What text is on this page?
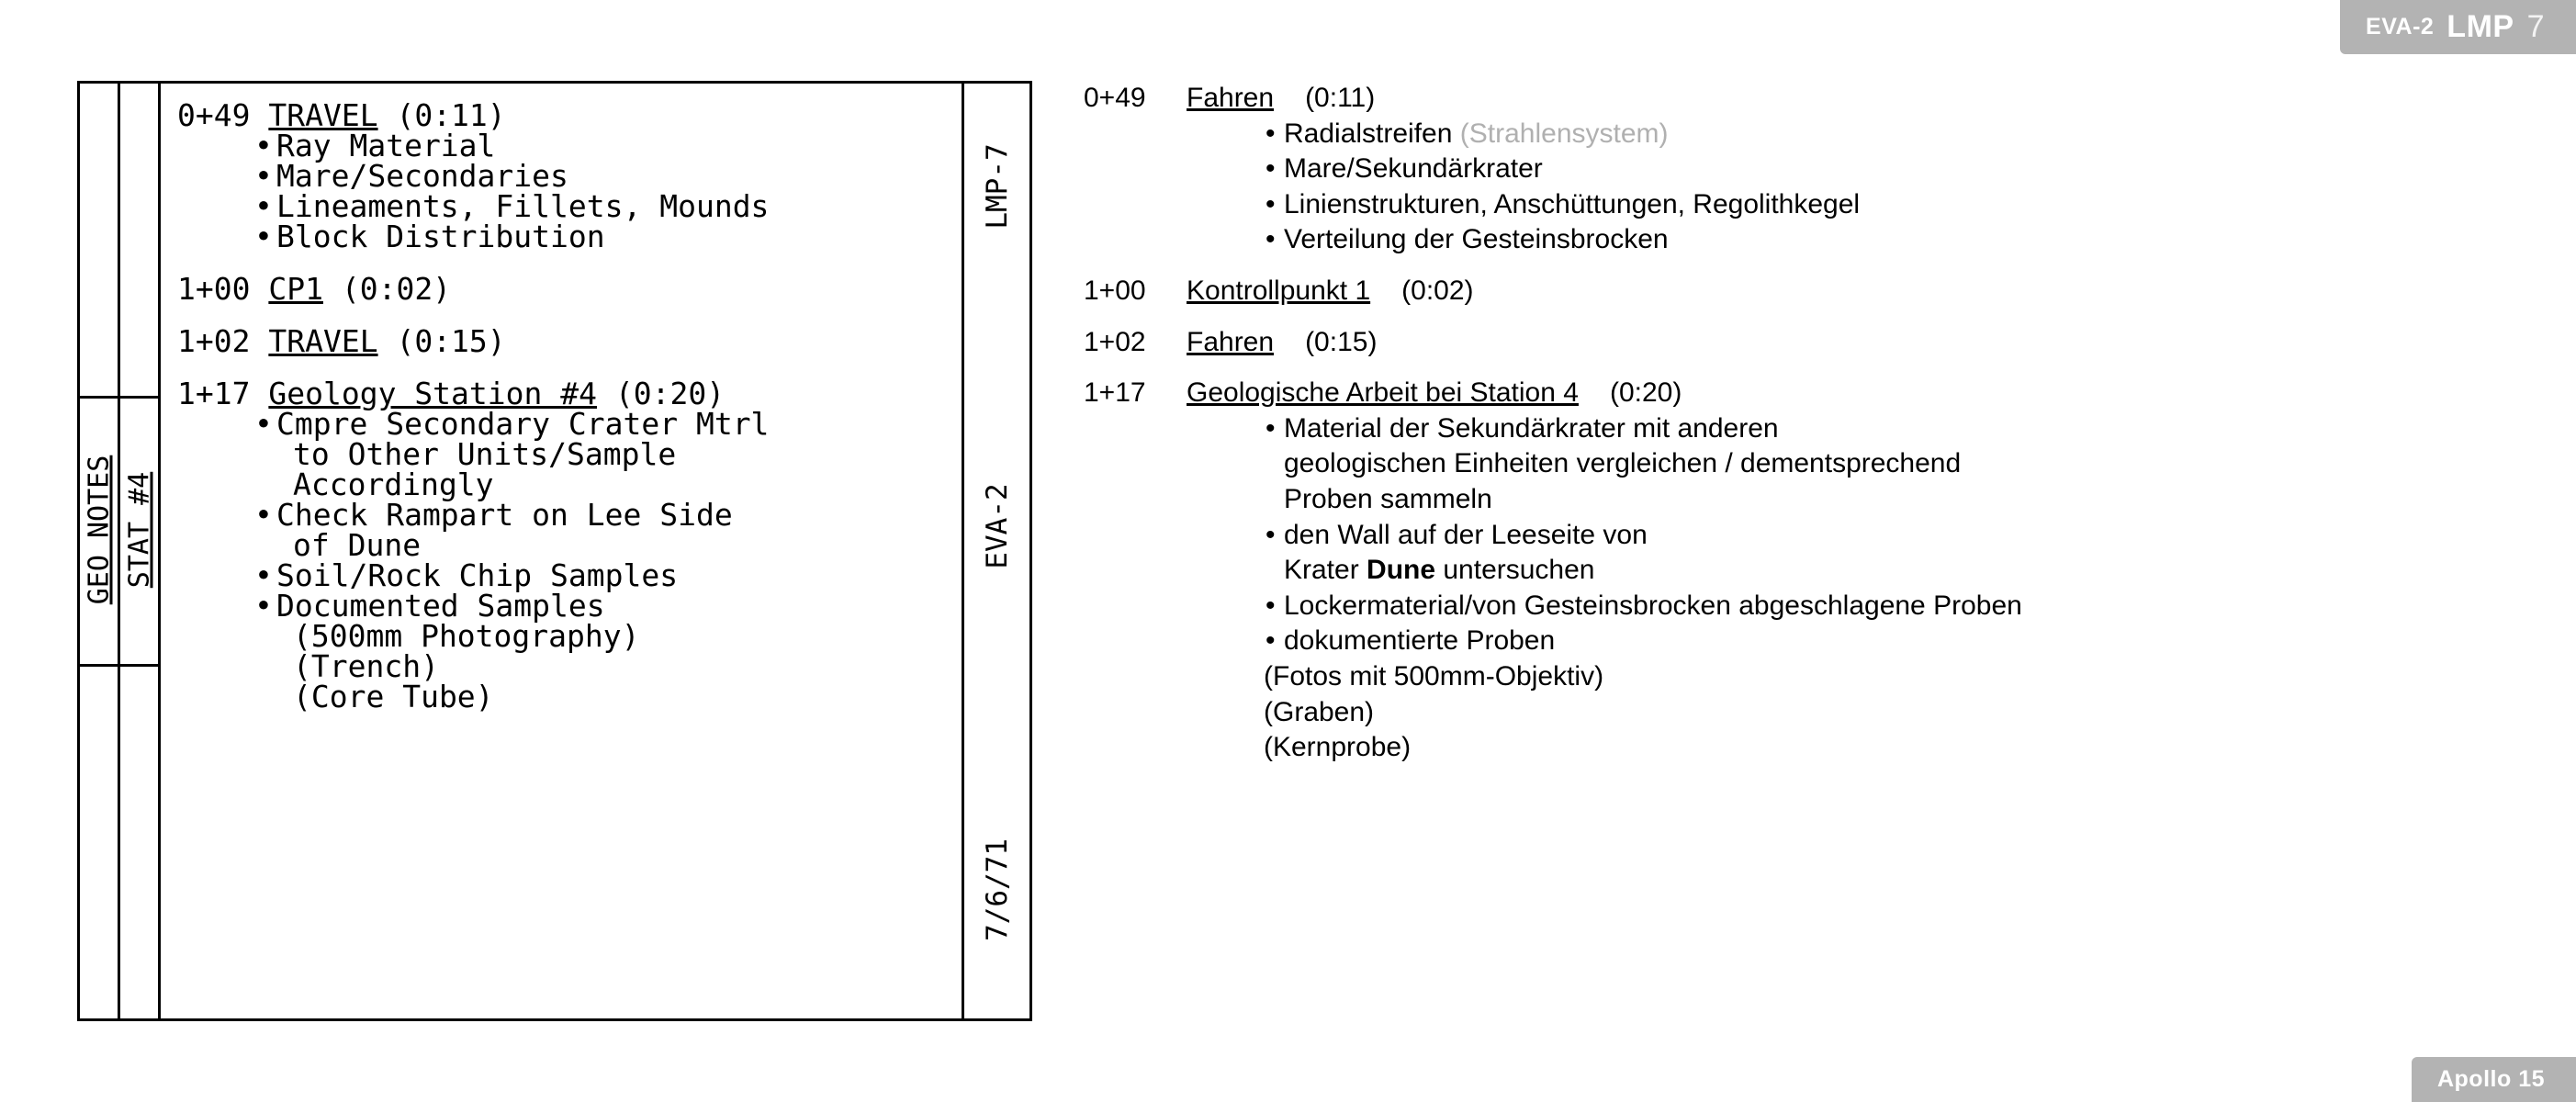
EVA-2 LMP 7
Apollo 15
GEO NOTES STAT #4
0+49 TRAVEL (0:11)
• Ray Material
• Mare/Secondaries
• Lineaments, Fillets, Mounds
• Block Distribution
1+00 CP1 (0:02)
1+02 TRAVEL (0:15)
1+17 Geology Station #4 (0:20)
• Cmpre Secondary Crater Mtrl
to Other Units/Sample
Accordingly
• Check Rampart on Lee Side
of Dune
• Soil/Rock Chip Samples
• Documented Samples
(500mm Photography)
(Trench)
(Core Tube)
LMP-7
EVA-2
7/6/71
0+49	Fahren (0:11)
• Radialstreifen (Strahlensystem)
• Mare/Sekundärkrater
• Linienstrukturen, Anschüttungen, Regolithkegel
• Verteilung der Gesteinsbrocken
1+00	Kontrollpunkt 1 (0:02)
1+02	Fahren (0:15)
1+17	Geologische Arbeit bei Station 4 (0:20)
• Material der Sekundärkrater mit anderen
geologischen Einheiten vergleichen / dementsprechend
Proben sammeln
• den Wall auf der Leeseite von
Krater Dune untersuchen
• Lockermaterial/von Gesteinsbrocken abgeschlagene Proben
• dokumentierte Proben
(Fotos mit 500mm-Objektiv)
(Graben)
(Kernprobe)
